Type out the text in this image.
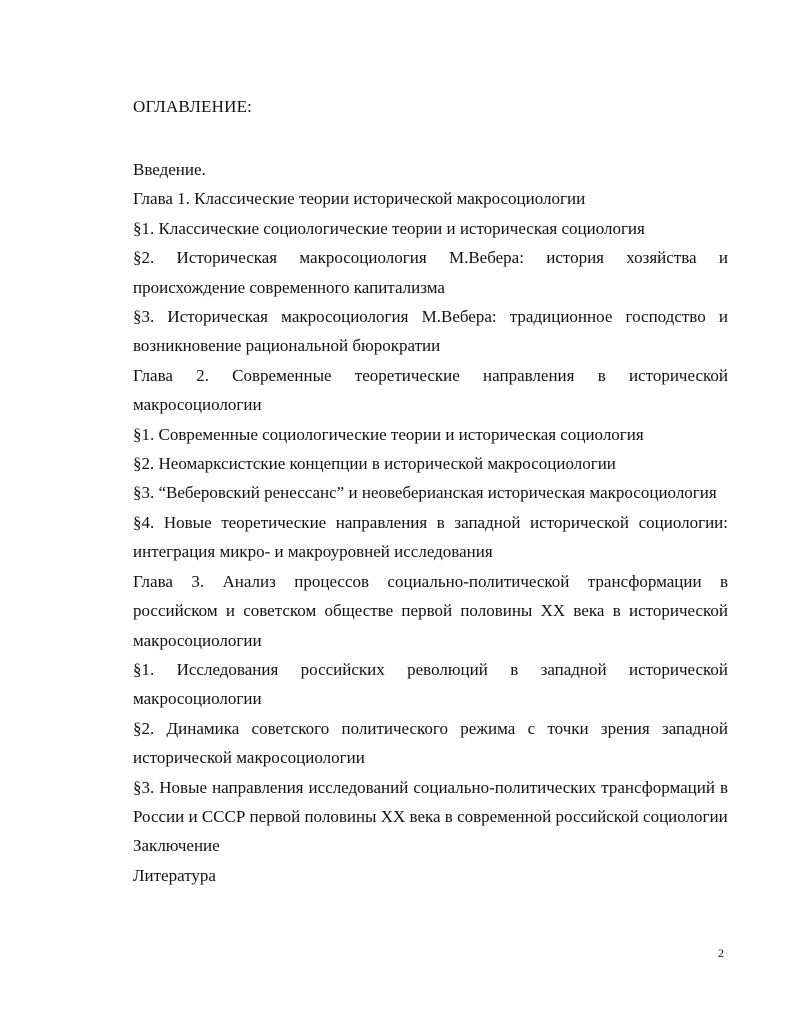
ОГЛАВЛЕНИЕ:

Введение.

Глава 1. Классические теории исторической макросоциологии

§1. Классические социологические теории и историческая социология

§2. Историческая макросоциология М.Вебера: история хозяйства и происхождение современного капитализма

§3. Историческая макросоциология М.Вебера: традиционное господство и возникновение рациональной бюрократии

Глава 2. Современные теоретические направления в исторической макросоциологии

§1. Современные социологические теории и историческая социология

§2. Неомарксистские концепции в исторической макросоциологии

§3. “Веберовский ренессанс” и неовеберианская историческая макросоциология

§4. Новые теоретические направления в западной исторической социологии: интеграция микро- и макроуровней исследования

Глава 3. Анализ процессов социально-политической трансформации в российском и советском обществе первой половины XX века в исторической макросоциологии

§1. Исследования российских революций в западной исторической макросоциологии

§2. Динамика советского политического режима с точки зрения западной исторической макросоциологии

§3. Новые направления исследований социально-политических трансформаций в России и СССР первой половины XX века в современной российской социологии

Заключение

Литература

2
